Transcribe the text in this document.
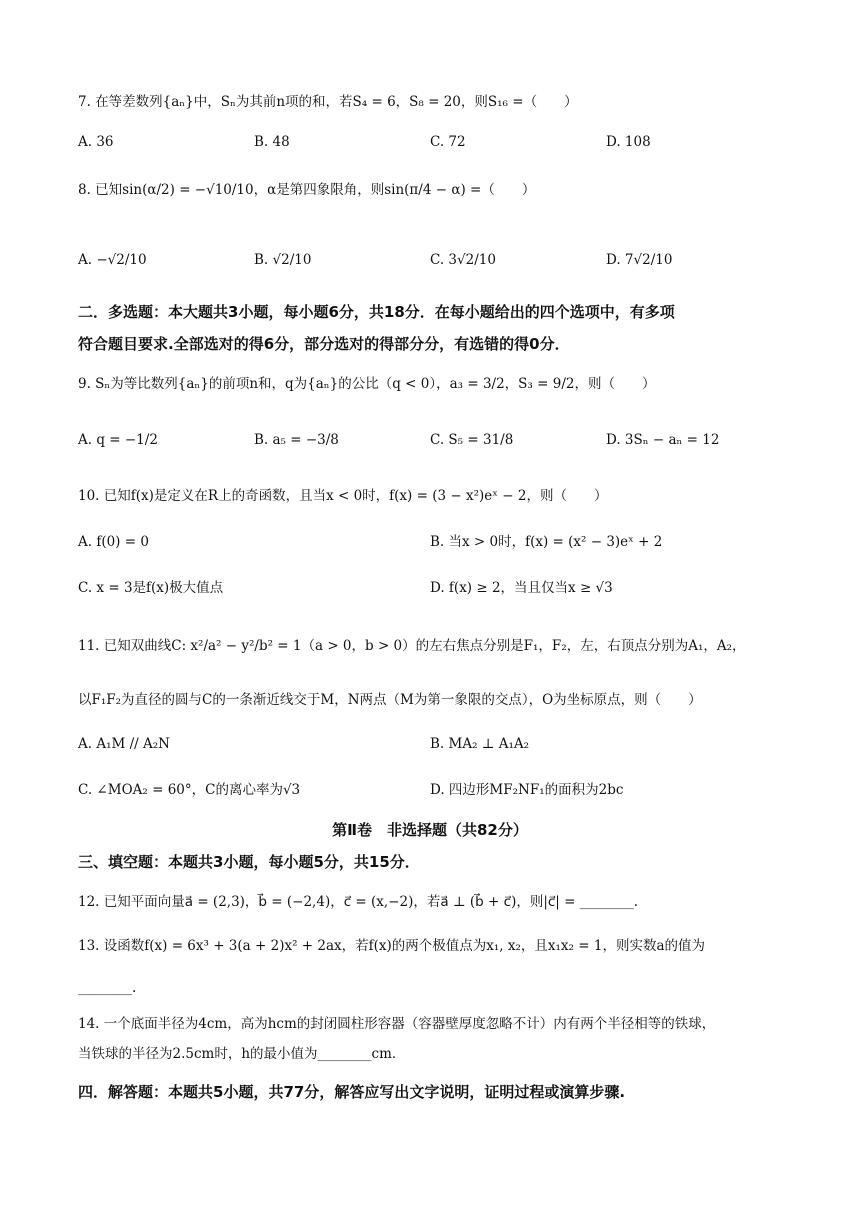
7. 在等差数列{aₙ}中，Sₙ为其前n项的和，若S₄ = 6，S₈ = 20，则S₁₆ =（　　）
A. 36	B. 48	C. 72	D. 108
8. 已知sin(α/2) = −√10/10，α是第四象限角，则sin(π/4 − α) =（　　）
A. −√2/10	B. √2/10	C. 3√2/10	D. 7√2/10
二．多选题：本大题共3小题，每小题6分，共18分．在每小题给出的四个选项中，有多项
符合题目要求.全部选对的得6分，部分选对的得部分分，有选错的得0分．
9. Sₙ为等比数列{aₙ}的前项n和，q为{aₙ}的公比（q < 0），a₃ = 3/2，S₃ = 9/2，则（　　）
A. q = −1/2	B. a₅ = −3/8	C. S₅ = 31/8	D. 3Sₙ − aₙ = 12
10. 已知f(x)是定义在R上的奇函数，且当x < 0时，f(x) = (3 − x²)eˣ − 2，则（　　）
A. f(0) = 0	B. 当x > 0时，f(x) = (x² − 3)eˣ + 2
C. x = 3是f(x)极大值点	D. f(x) ≥ 2，当且仅当x ≥ √3
11. 已知双曲线C: x²/a² − y²/b² = 1（a > 0，b > 0）的左右焦点分别是F₁，F₂，左，右顶点分别为A₁，A₂，
以F₁F₂为直径的圆与C的一条渐近线交于M，N两点（M为第一象限的交点），O为坐标原点，则（　　）
A. A₁M // A₂N	B. MA₂ ⊥ A₁A₂
C. ∠MOA₂ = 60°，C的离心率为√3	D. 四边形MF₂NF₁的面积为2bc
第Ⅱ卷　非选择题（共82分）
三、填空题：本题共3小题，每小题5分，共15分．
12. 已知平面向量a⃗ = (2,3)，b⃗ = (−2,4)，c⃗ = (x,−2)，若a⃗ ⊥ (b⃗ + c⃗)，则|c⃗| = ________.
13. 设函数f(x) = 6x³ + 3(a + 2)x² + 2ax，若f(x)的两个极值点为x₁, x₂，且x₁x₂ = 1，则实数a的值为
________.
14. 一个底面半径为4cm，高为hcm的封闭圆柱形容器（容器壁厚度忽略不计）内有两个半径相等的铁球，
当铁球的半径为2.5cm时，h的最小值为________cm．
四．解答题：本题共5小题，共77分，解答应写出文字说明，证明过程或演算步骤.
